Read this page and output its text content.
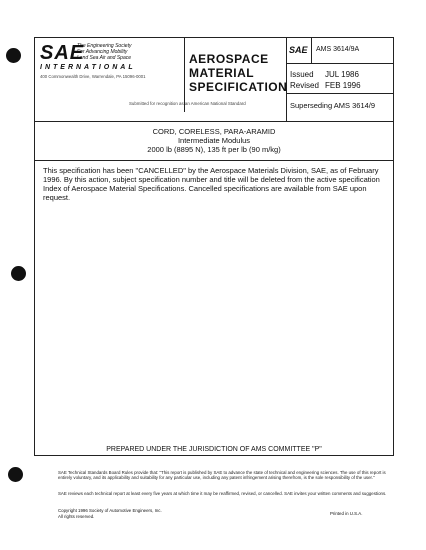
SAE
The Engineering Society For Advancing Mobility Land Sea Air and Space
INTERNATIONAL
400 Commonwealth Drive, Warrendale, PA 15096-0001
AEROSPACE
MATERIAL
SPECIFICATION
Submitted for recognition as an American National Standard
SAE AMS 3614/9A
Issued JUL 1986
Revised FEB 1996
Superseding AMS 3614/9
CORD, CORELESS, PARA-ARAMID
Intermediate Modulus
2000 lb (8895 N), 135 ft per lb (90 m/kg)
This specification has been "CANCELLED" by the Aerospace Materials Division, SAE, as of February 1996. By this action, subject specification number and title will be deleted from the active specification Index of Aerospace Material Specifications. Cancelled specifications are available from SAE upon request.
PREPARED UNDER THE JURISDICTION OF AMS COMMITTEE "P"
SAE Technical Standards Board Rules provide that: "This report is published by SAE to advance the state of technical and engineering sciences. The use of this report is entirely voluntary, and its applicability and suitability for any particular use, including any patent infringement arising therefrom, is the sole responsibility of the user."
SAE reviews each technical report at least every five years at which time it may be reaffirmed, revised, or cancelled. SAE invites your written comments and suggestions.
Copyright 1996 Society of Automotive Engineers, Inc.
All rights reserved.
Printed in U.S.A.
